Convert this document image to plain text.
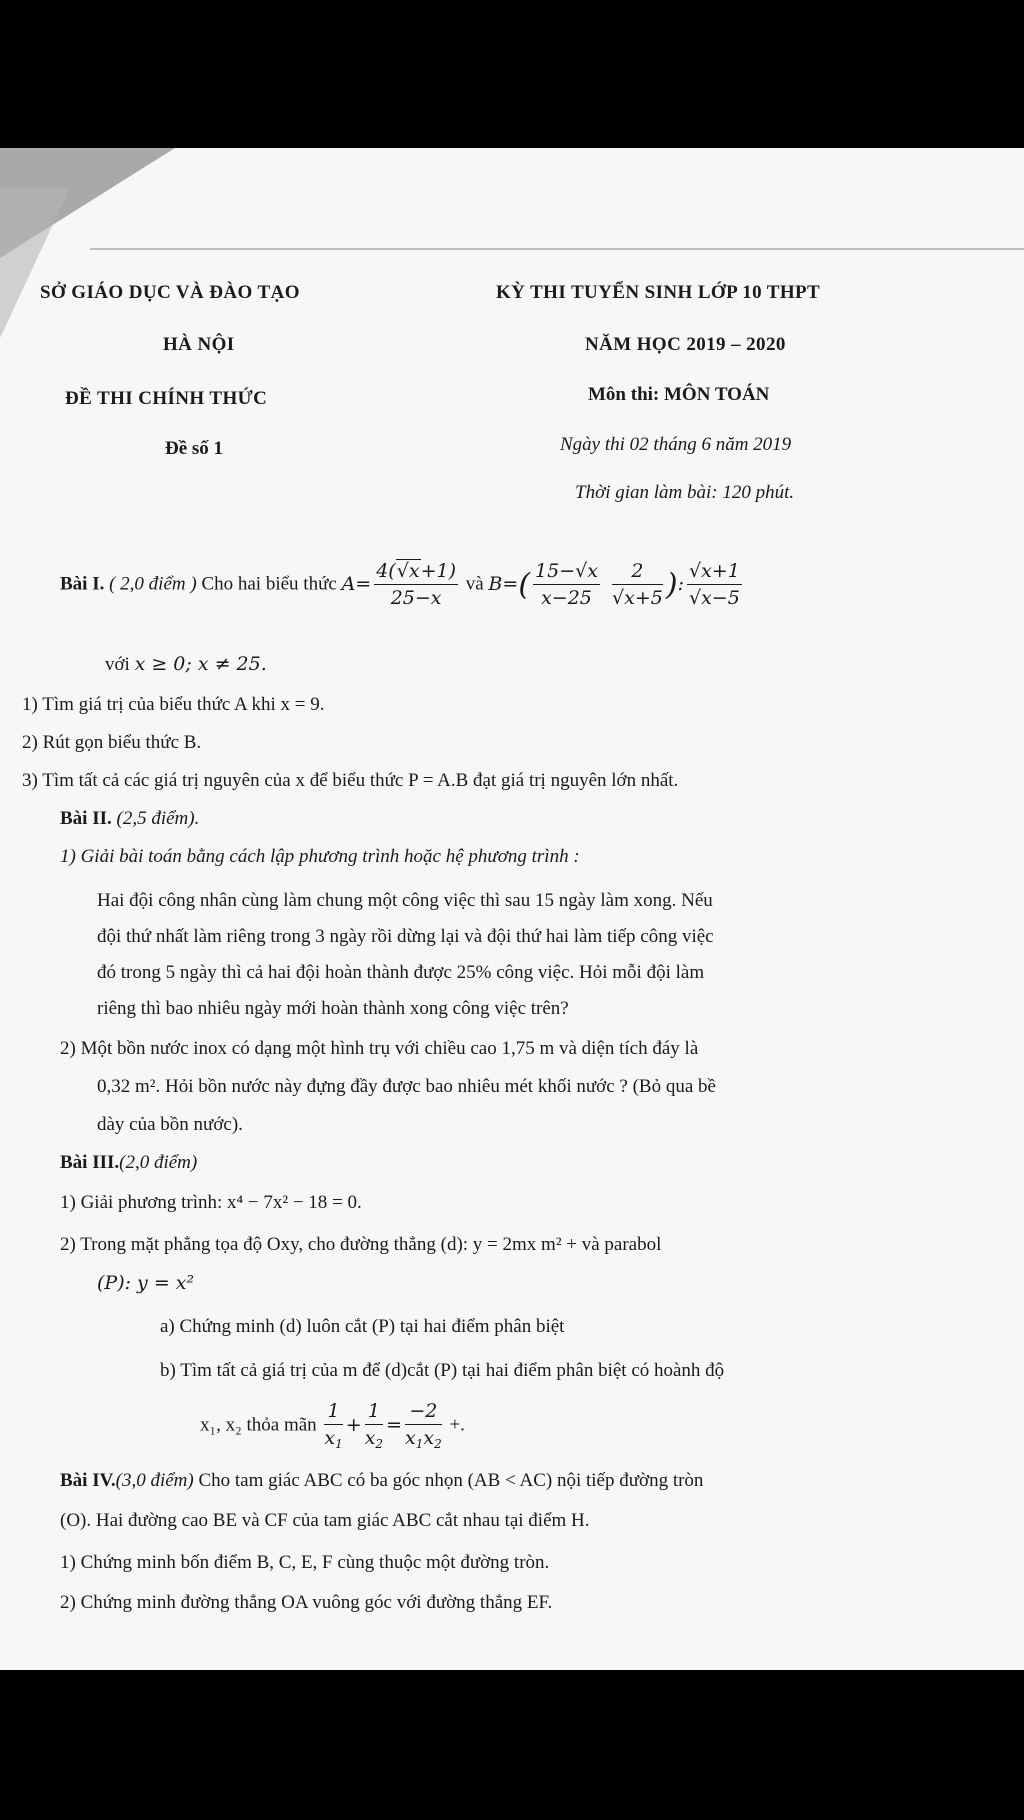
SỞ GIÁO DỤC VÀ ĐÀO TẠO
HÀ NỘI
ĐỀ THI CHÍNH THỨC
Đề số 1
KỲ THI TUYỂN SINH LỚP 10 THPT
NĂM HỌC 2019 – 2020
Môn thi: MÔN TOÁN
Ngày thi 02 tháng 6 năm 2019
Thời gian làm bài: 120 phút.
Bài I. ( 2,0 điểm ) Cho hai biểu thức $A= \frac{4(√x+1)}{25-x}$ và $B=( \frac{15-√x}{x-25}$
$\frac{2}{√x+5}$ ): $\frac{√x+1}{√x-5}$
với x ≥ 0; x ≠ 25.
1) Tìm giá trị của biểu thức A khi x = 9.
2) Rút gọn biểu thức B.
3) Tìm tất cả các giá trị nguyên của x để biểu thức P = A.B đạt giá trị nguyên lớn nhất.
Bài II. (2,5 điểm).
1) Giải bài toán bằng cách lập phương trình hoặc hệ phương trình :
Hai đội công nhân cùng làm chung một công việc thì sau 15 ngày làm xong. Nếu
đội thứ nhất làm riêng trong 3 ngày rồi dừng lại và đội thứ hai làm tiếp công việc
đó trong 5 ngày thì cả hai đội hoàn thành được 25% công việc. Hỏi mỗi đội làm
riêng thì bao nhiêu ngày mới hoàn thành xong công việc trên?
2) Một bồn nước inox có dạng một hình trụ với chiều cao 1,75 m và diện tích đáy là
0,32 m². Hỏi bồn nước này đựng đầy được bao nhiêu mét khối nước ? (Bỏ qua bề
dày của bồn nước).
Bài III.(2,0 điểm)
1) Giải phương trình: x⁴ − 7x² − 18 = 0.
2) Trong mặt phẳng tọa độ Oxy, cho đường thẳng (d): y = 2mx m² + và parabol
(P): y = x²
a) Chứng minh (d) luôn cắt (P) tại hai điểm phân biệt
b) Tìm tất cả giá trị của m để (d)cắt (P) tại hai điểm phân biệt có hoành độ
x₁, x₂ thỏa mãn $\frac{1}{x_1} + \frac{1}{x_2} = \frac{-2}{x_1x_2}$ +.
Bài IV.(3,0 điểm) Cho tam giác ABC có ba góc nhọn (AB < AC) nội tiếp đường tròn
(O). Hai đường cao BE và CF của tam giác ABC cắt nhau tại điểm H.
1) Chứng minh bốn điểm B, C, E, F cùng thuộc một đường tròn.
2) Chứng minh đường thẳng OA vuông góc với đường thẳng EF.
